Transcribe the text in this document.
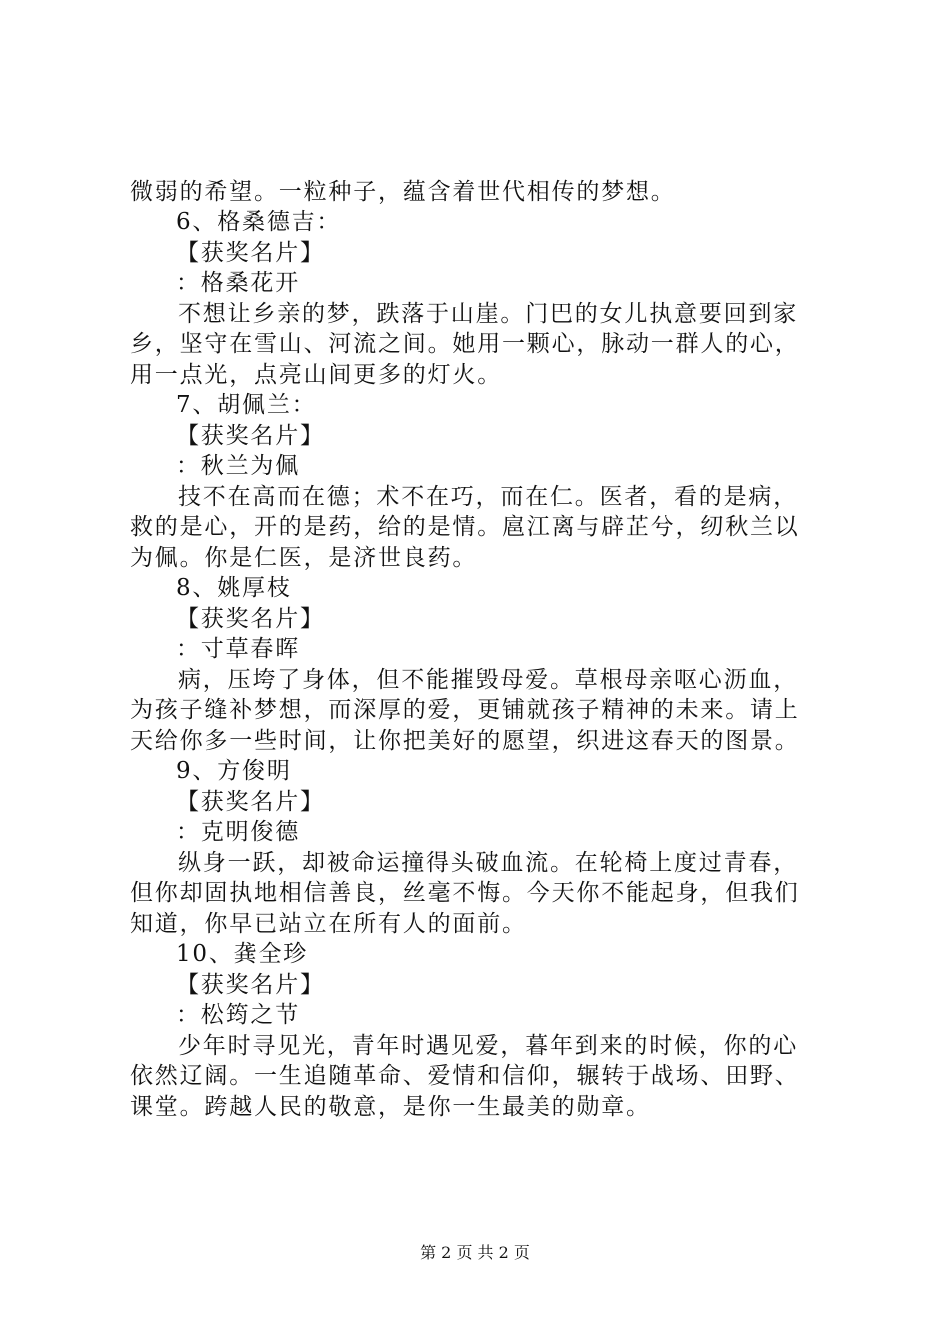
微弱的希望。一粒种子，蕴含着世代相传的梦想。
6、格桑德吉：
【获奖名片】
：格桑花开
不想让乡亲的梦，跌落于山崖。门巴的女儿执意要回到家
乡，坚守在雪山、河流之间。她用一颗心，脉动一群人的心，
用一点光，点亮山间更多的灯火。
7、胡佩兰：
【获奖名片】
：秋兰为佩
技不在高而在德；术不在巧，而在仁。医者，看的是病，
救的是心，开的是药，给的是情。扈江离与辟芷兮，纫秋兰以
为佩。你是仁医，是济世良药。
8、姚厚枝
【获奖名片】
：寸草春晖
病，压垮了身体，但不能摧毁母爱。草根母亲呕心沥血，
为孩子缝补梦想，而深厚的爱，更铺就孩子精神的未来。请上
天给你多一些时间，让你把美好的愿望，织进这春天的图景。
9、方俊明
【获奖名片】
：克明俊德
纵身一跃，却被命运撞得头破血流。在轮椅上度过青春，
但你却固执地相信善良，丝毫不悔。今天你不能起身，但我们
知道，你早已站立在所有人的面前。
10、龚全珍
【获奖名片】
：松筠之节
少年时寻见光，青年时遇见爱，暮年到来的时候，你的心
依然辽阔。一生追随革命、爱情和信仰，辗转于战场、田野、
课堂。跨越人民的敬意，是你一生最美的勋章。
第 2 页 共 2 页
